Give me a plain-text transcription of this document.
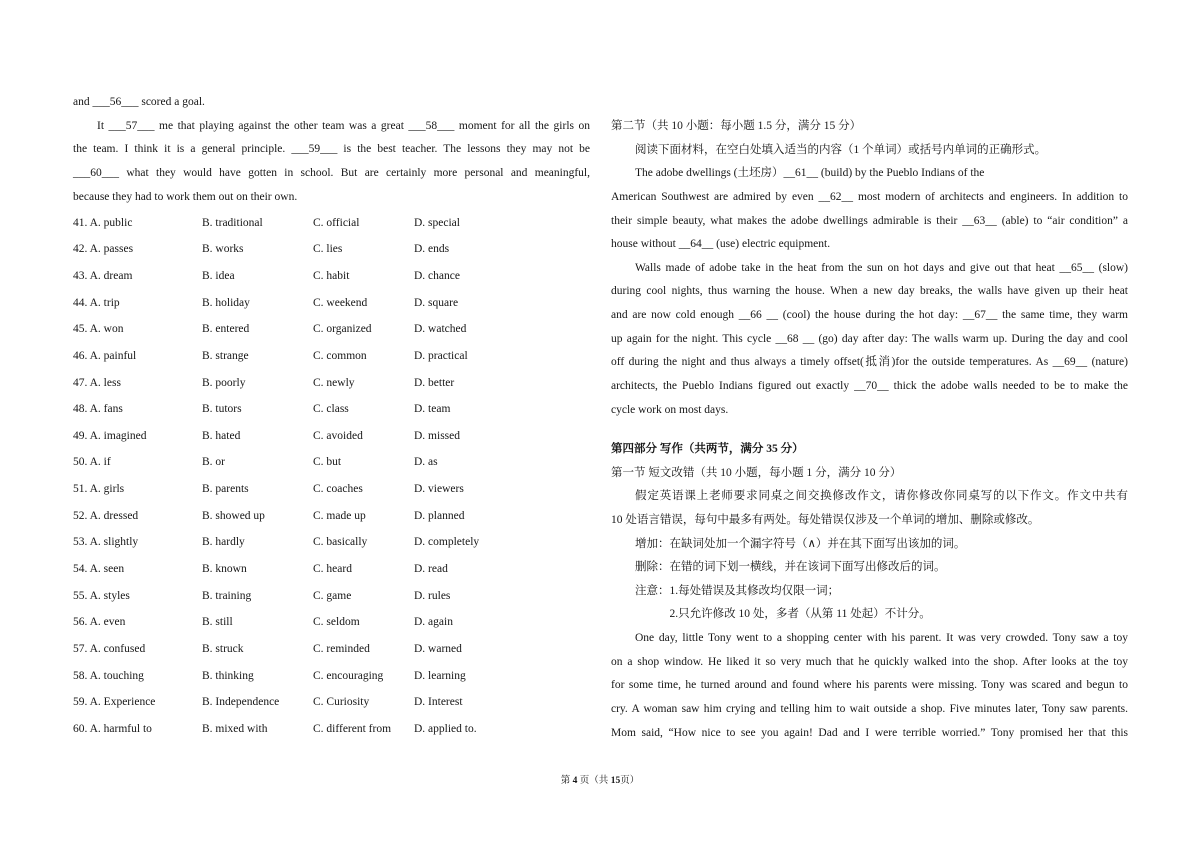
and ___56___ scored a goal.
It ___57___ me that playing against the other team was a great ___58___ moment for all the girls on
the team. I think it is a general principle. ___59___ is the best teacher. The lessons they may not be
___60___ what they would have gotten in school. But are certainly more personal and meaningful,
because they had to work them out on their own.
41. A. public	B. traditional	C. official	D. special
42. A. passes	B. works	C. lies	D. ends
43. A. dream	B. idea	C. habit	D. chance
44. A. trip	B. holiday	C. weekend	D. square
45. A. won	B. entered	C. organized	D. watched
46. A. painful	B. strange	C. common	D. practical
47. A. less	B. poorly	C. newly	D. better
48. A. fans	B. tutors	C. class	D. team
49. A. imagined	B. hated	C. avoided	D. missed
50. A. if	B. or	C. but	D. as
51. A. girls	B. parents	C. coaches	D. viewers
52. A. dressed	B. showed up	C. made up	D. planned
53. A. slightly	B. hardly	C. basically	D. completely
54. A. seen	B. known	C. heard	D. read
55. A. styles	B. training	C. game	D. rules
56. A. even	B. still	C. seldom	D. again
57. A. confused	B. struck	C. reminded	D. warned
58. A. touching	B. thinking	C. encouraging	D. learning
59. A. Experience	B. Independence	C. Curiosity	D. Interest
60. A. harmful to	B. mixed with	C. different from D. applied to.
第二节（共 10 小题：每小题 1.5 分，满分 15 分）
阅读下面材料，在空白处填入适当的内容（1 个单词）或括号内单词的正确形式。
The adobe dwellings (土坯房）__61__ (build) by the Pueblo Indians of the
American Southwest are admired by even __62__ most modern of architects and engineers. In addition to
their simple beauty, what makes the adobe dwellings admirable is their __63__ (able) to “air condition” a
house without __64__ (use) electric equipment.
Walls made of adobe take in the heat from the sun on hot days and give out that heat __65__ (slow)
during cool nights, thus warning the house. When a new day breaks, the walls have given up their heat
and are now cold enough __66 __ (cool) the house during the hot day: __67__ the same time, they warm
up again for the night. This cycle __68 __ (go) day after day: The walls warm up. During the day and cool
off during the night and thus always a timely offset(抵消)for the outside temperatures. As __69__ (nature)
architects, the Pueblo Indians figured out exactly __70__ thick the adobe walls needed to be to make the
cycle work on most days.
第四部分 写作（共两节，满分 35 分）
第一节 短文改错（共 10 小题，每小题 1 分，满分 10 分）
假定英语课上老师要求同桌之间交换修改作文，请你修改你同桌写的以下作文。作文中共有
10 处语言错误，每句中最多有两处。每处错误仅涉及一个单词的增加、删除或修改。
增加：在缺词处加一个漏字符号（∧）并在其下面写出该加的词。
删除：在错的词下划一横线，并在该词下面写出修改后的词。
注意： 1.每处错误及其修改均仅限一词；
2.只允许修改 10 处，多者（从第 11 处起）不计分。
One day, little Tony went to a shopping center with his parent. It was very crowded. Tony saw a toy
on a shop window. He liked it so very much that he quickly walked into the shop. After looks at the toy
for some time, he turned around and found where his parents were missing. Tony was scared and begun to
cry. A woman saw him crying and telling him to wait outside a shop. Five minutes later, Tony saw parents.
Mom said, “How nice to see you again! Dad and I were terrible worried.” Tony promised her that this
第 4 页（共 15页）
